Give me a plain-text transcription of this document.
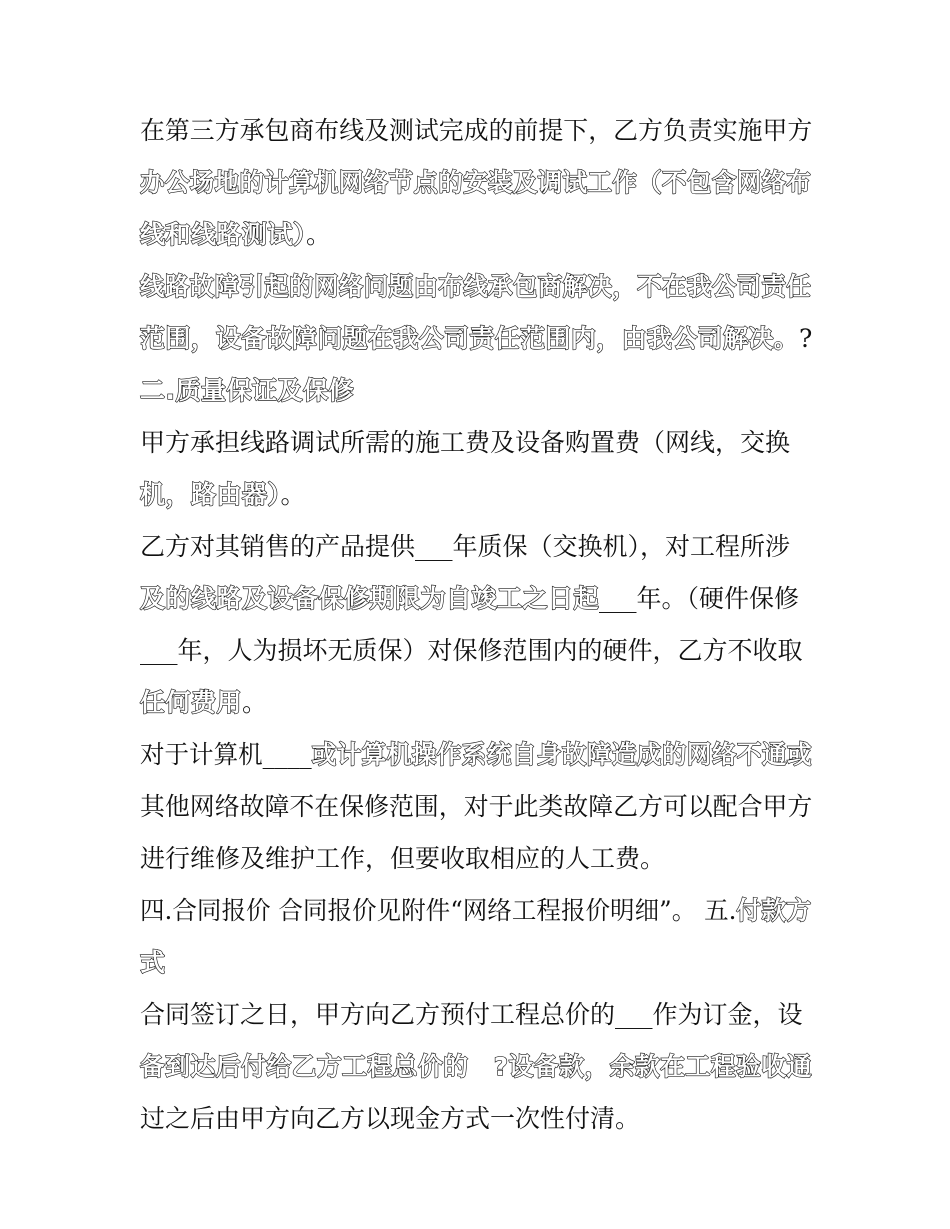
在第三方承包商布线及测试完成的前提下，乙方负责实施甲方
办公场地的计算机网络节点的安装及调试工作（不包含网络布
线和线路测试）。
线路故障引起的网络问题由布线承包商解决，不在我公司责任
范围，设备故障问题在我公司责任范围内，由我公司解决。?
二.质量保证及保修
甲方承担线路调试所需的施工费及设备购置费（网线，交换
机，路由器）。
乙方对其销售的产品提供___年质保（交换机），对工程所涉
及的线路及设备保修期限为自竣工之日起___年。（硬件保修
___年，人为损坏无质保）对保修范围内的硬件，乙方不收取
任何费用。
对于计算机____或计算机操作系统自身故障造成的网络不通或
其他网络故障不在保修范围，对于此类故障乙方可以配合甲方
进行维修及维护工作，但要收取相应的人工费。
四.合同报价 合同报价见附件“网络工程报价明细”。 五.付款方
式
合同签订之日，甲方向乙方预付工程总价的___作为订金，设
备到达后付给乙方工程总价的　?设备款，余款在工程验收通
过之后由甲方向乙方以现金方式一次性付清。
